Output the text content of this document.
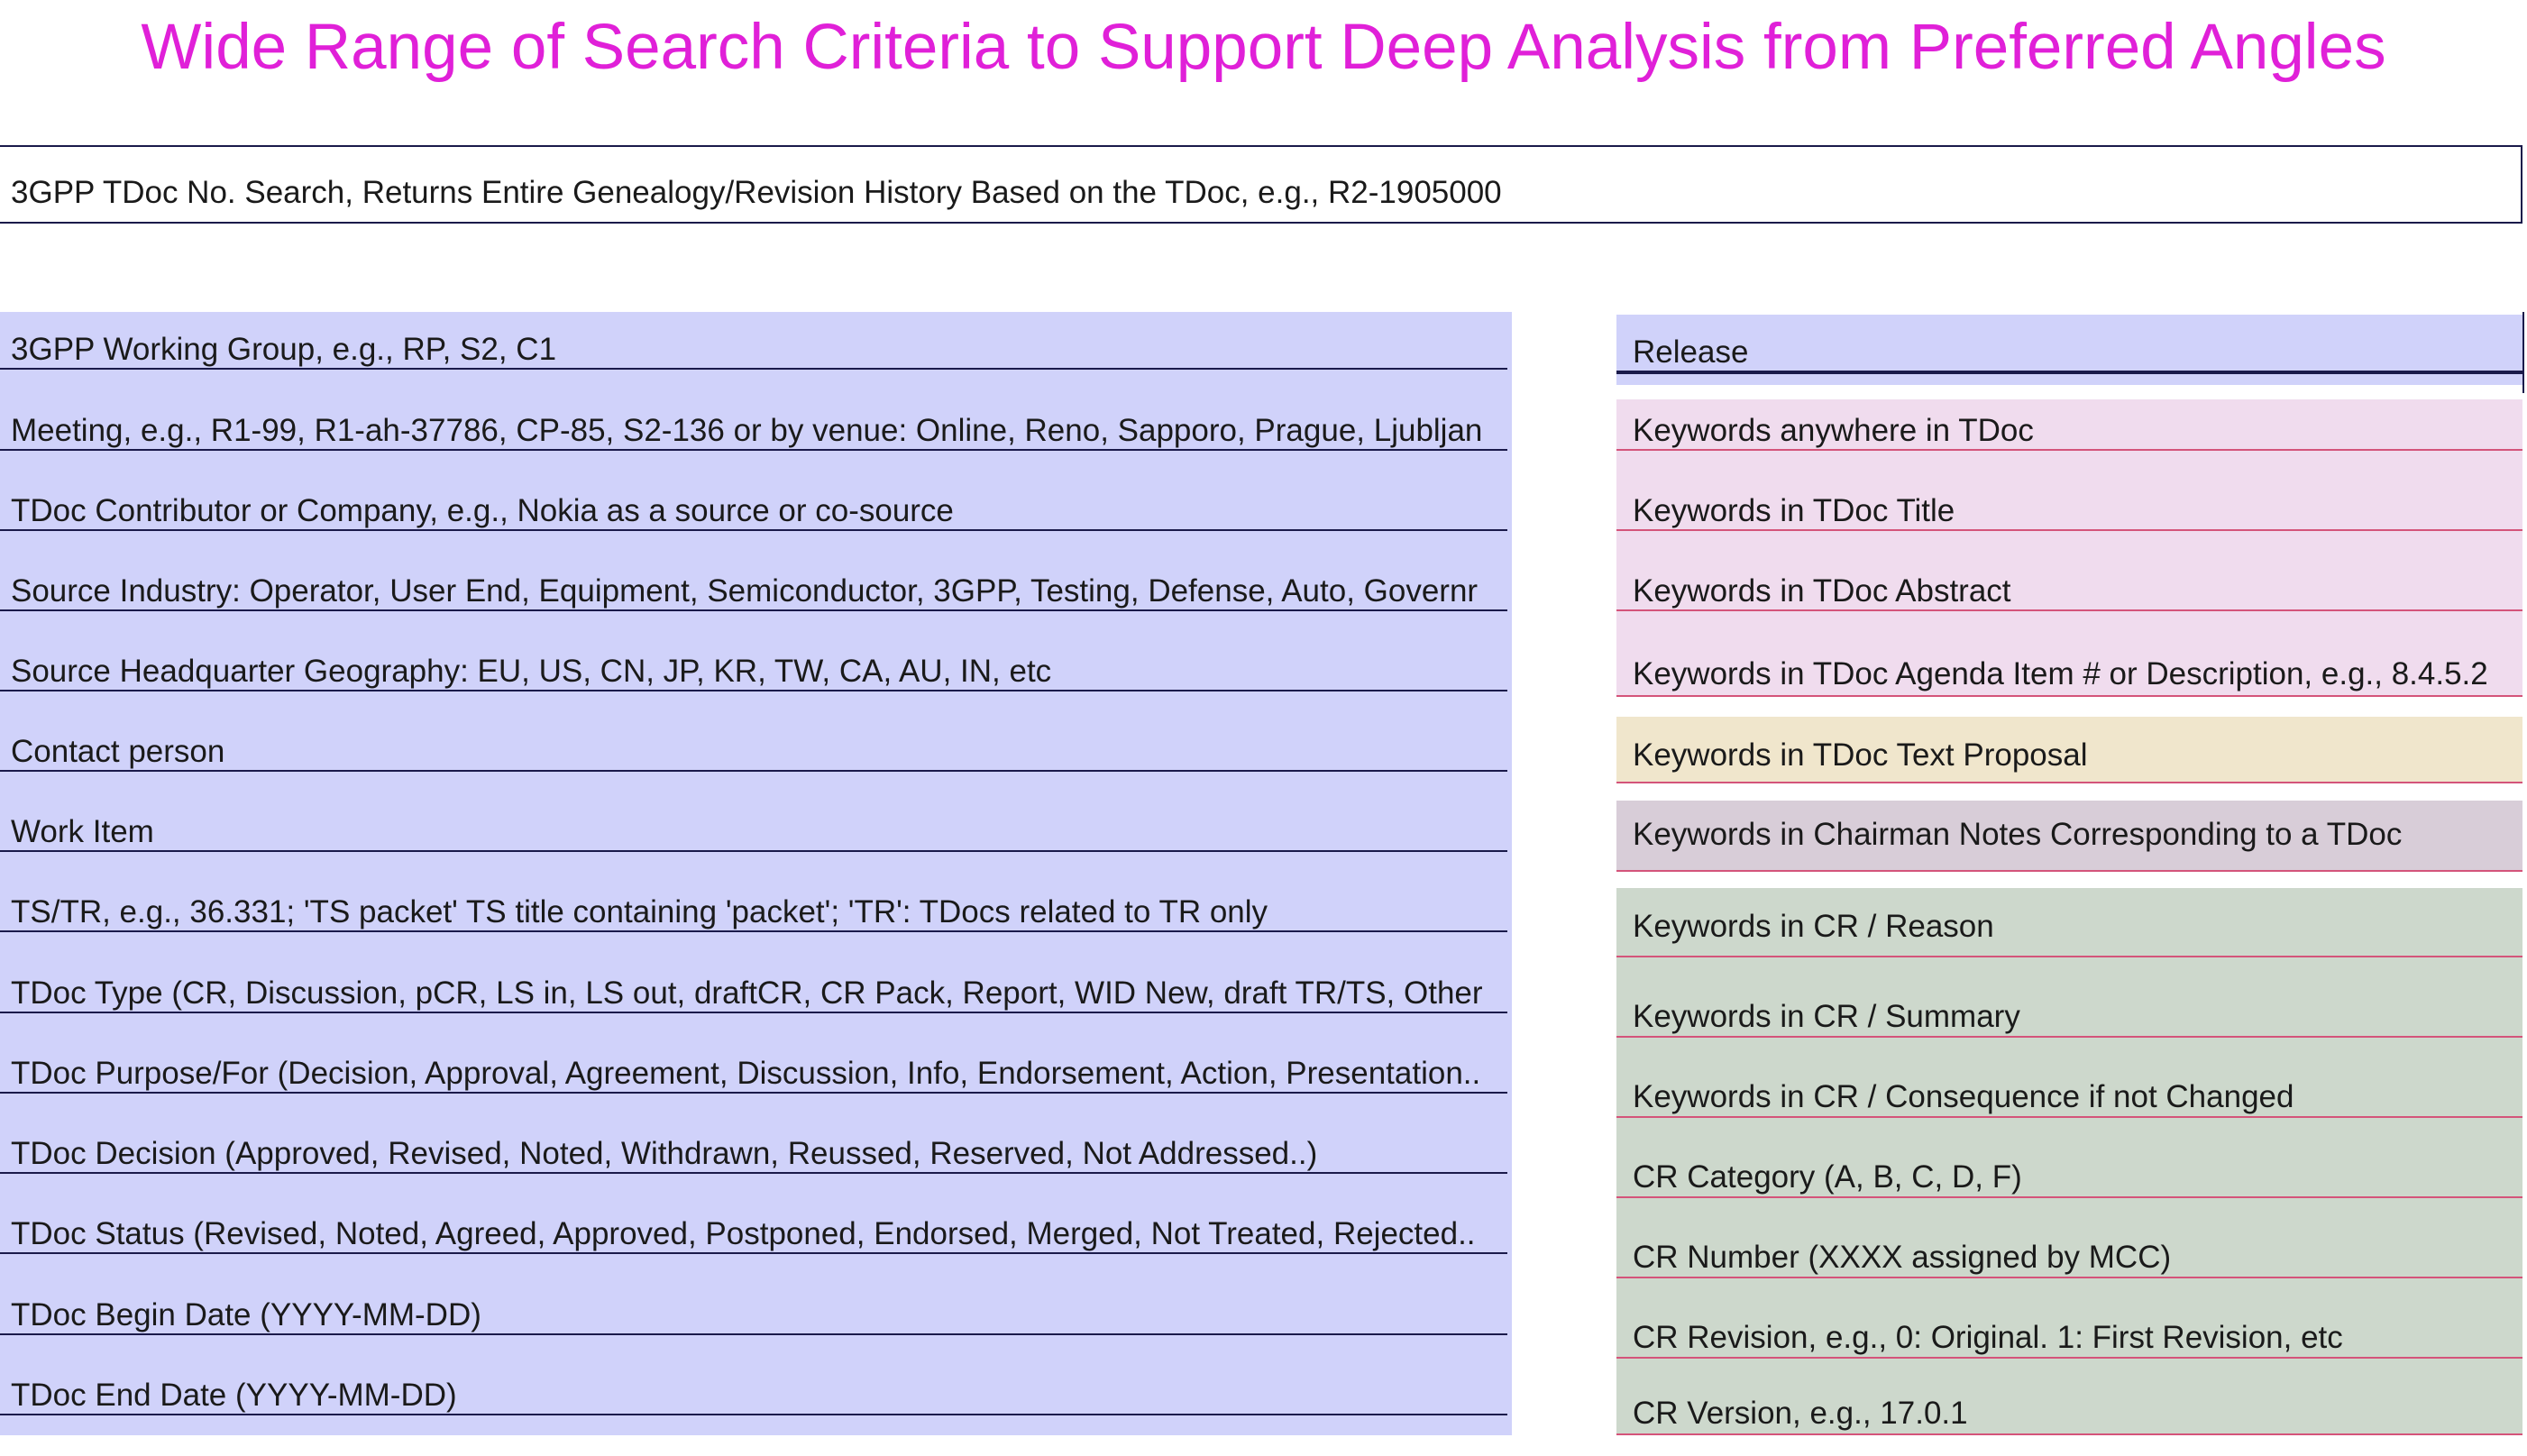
Wide Range of Search Criteria to Support Deep Analysis from Preferred Angles
3GPP TDoc No. Search, Returns Entire Genealogy/Revision History Based on the TDoc, e.g., R2-1905000
3GPP Working Group, e.g., RP, S2, C1
Meeting, e.g., R1-99, R1-ah-37786, CP-85, S2-136 or by venue: Online, Reno, Sapporo, Prague, Ljubljan
TDoc Contributor or Company, e.g., Nokia as a source or co-source
Source Industry: Operator, User End, Equipment, Semiconductor, 3GPP, Testing, Defense, Auto, Governr
Source Headquarter Geography: EU, US, CN, JP, KR, TW, CA, AU, IN, etc
Contact person
Work Item
TS/TR, e.g., 36.331; 'TS packet' TS title containing 'packet'; 'TR': TDocs related to TR only
TDoc Type (CR, Discussion, pCR, LS in, LS out, draftCR, CR Pack, Report, WID New, draft TR/TS, Other
TDoc Purpose/For (Decision, Approval, Agreement, Discussion, Info, Endorsement, Action, Presentation..
TDoc Decision (Approved, Revised, Noted, Withdrawn, Reussed, Reserved, Not Addressed..)
TDoc Status (Revised, Noted, Agreed, Approved, Postponed, Endorsed, Merged, Not Treated, Rejected..
TDoc Begin Date (YYYY-MM-DD)
TDoc End Date (YYYY-MM-DD)
Release
Keywords anywhere in TDoc
Keywords in TDoc Title
Keywords in TDoc Abstract
Keywords in TDoc Agenda Item # or Description, e.g., 8.4.5.2
Keywords in TDoc Text Proposal
Keywords in Chairman Notes Corresponding to a TDoc
Keywords in CR / Reason
Keywords in CR / Summary
Keywords in CR / Consequence if not Changed
CR Category (A, B, C, D, F)
CR Number (XXXX assigned by MCC)
CR Revision, e.g., 0: Original. 1: First Revision, etc
CR Version, e.g., 17.0.1
